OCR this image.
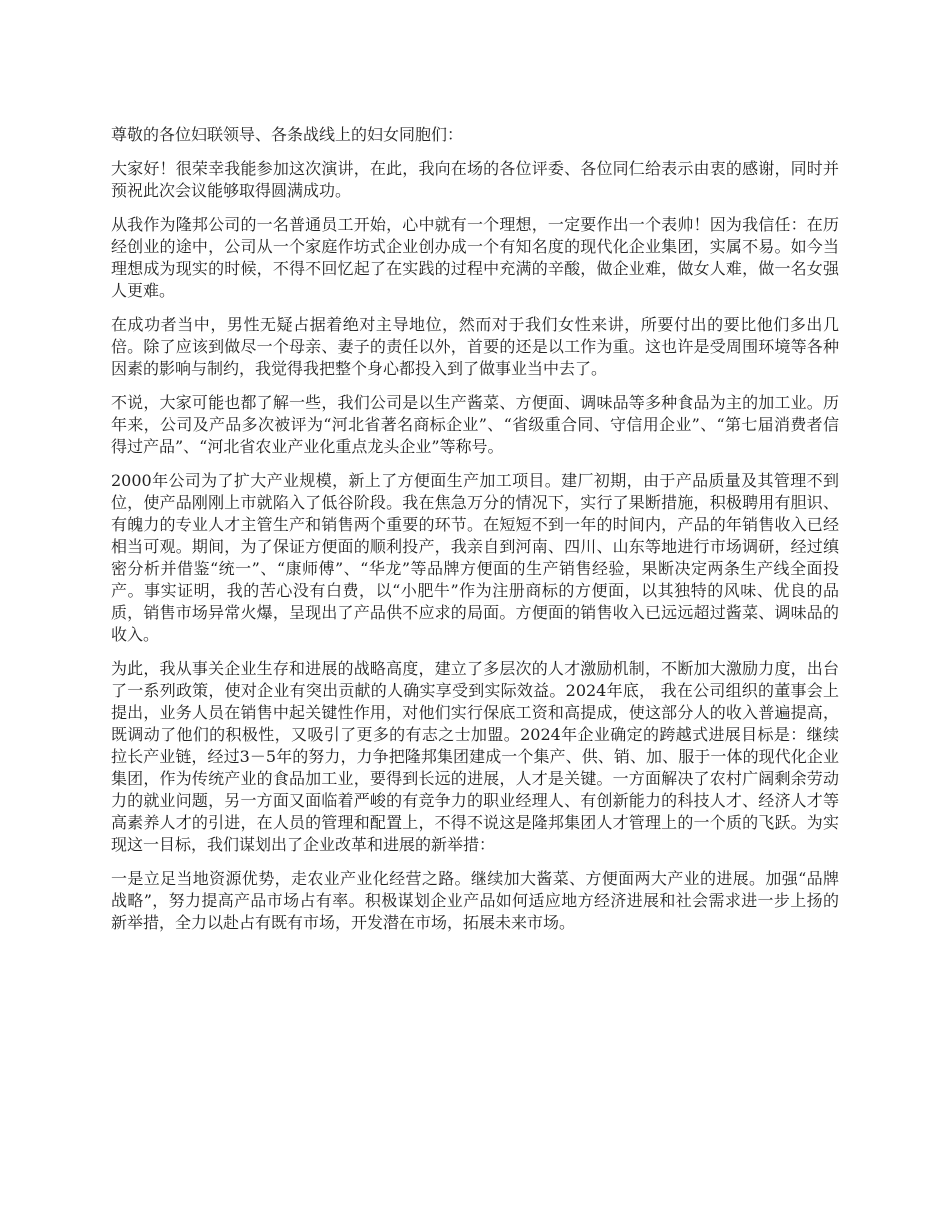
尊敬的各位妇联领导、各条战线上的妇女同胞们：

大家好！很荣幸我能参加这次演讲，在此，我向在场的各位评委、各位同仁给表示由衷的感谢，同时并预祝此次会议能够取得圆满成功。

从我作为隆邦公司的一名普通员工开始，心中就有一个理想，一定要作出一个表帅！因为我信任：在历经创业的途中，公司从一个家庭作坊式企业创办成一个有知名度的现代化企业集团，实属不易。如今当理想成为现实的时候，不得不回忆起了在实践的过程中充满的辛酸，做企业难，做女人难，做一名女强人更难。

在成功者当中，男性无疑占据着绝对主导地位，然而对于我们女性来讲，所要付出的要比他们多出几倍。除了应该到做尽一个母亲、妻子的责任以外，首要的还是以工作为重。这也许是受周围环境等各种因素的影响与制约，我觉得我把整个身心都投入到了做事业当中去了。

不说，大家可能也都了解一些，我们公司是以生产酱菜、方便面、调味品等多种食品为主的加工业。历年来，公司及产品多次被评为“河北省著名商标企业”、“省级重合同、守信用企业”、“第七届消费者信得过产品”、“河北省农业产业化重点龙头企业”等称号。

2000年公司为了扩大产业规模，新上了方便面生产加工项目。建厂初期，由于产品质量及其管理不到位，使产品刚刚上市就陷入了低谷阶段。我在焦急万分的情况下，实行了果断措施，积极聘用有胆识、有魄力的专业人才主管生产和销售两个重要的环节。在短短不到一年的时间内，产品的年销售收入已经相当可观。期间，为了保证方便面的顺利投产，我亲自到河南、四川、山东等地进行市场调研，经过缜密分析并借鉴“统一”、“康师傅”、“华龙”等品牌方便面的生产销售经验，果断决定两条生产线全面投产。事实证明，我的苦心没有白费，以“小肥牛”作为注册商标的方便面，以其独特的风味、优良的品质，销售市场异常火爆，呈现出了产品供不应求的局面。方便面的销售收入已远远超过酱菜、调味品的收入。

为此，我从事关企业生存和进展的战略高度，建立了多层次的人才激励机制，不断加大激励力度，出台了一系列政策，使对企业有突出贡献的人确实享受到实际效益。2024年底， 我在公司组织的董事会上提出，业务人员在销售中起关键性作用，对他们实行保底工资和高提成，使这部分人的收入普遍提高，既调动了他们的积极性，又吸引了更多的有志之士加盟。2024年企业确定的跨越式进展目标是：继续拉长产业链，经过3－5年的努力，力争把隆邦集团建成一个集产、供、销、加、服于一体的现代化企业集团，作为传统产业的食品加工业，要得到长远的进展，人才是关键。一方面解决了农村广阔剩余劳动力的就业问题，另一方面又面临着严峻的有竞争力的职业经理人、有创新能力的科技人才、经济人才等高素养人才的引进，在人员的管理和配置上，不得不说这是隆邦集团人才管理上的一个质的飞跃。为实现这一目标，我们谋划出了企业改革和进展的新举措：

一是立足当地资源优势，走农业产业化经营之路。继续加大酱菜、方便面两大产业的进展。加强“品牌战略”，努力提高产品市场占有率。积极谋划企业产品如何适应地方经济进展和社会需求进一步上扬的新举措，全力以赴占有既有市场，开发潜在市场，拓展未来市场。
